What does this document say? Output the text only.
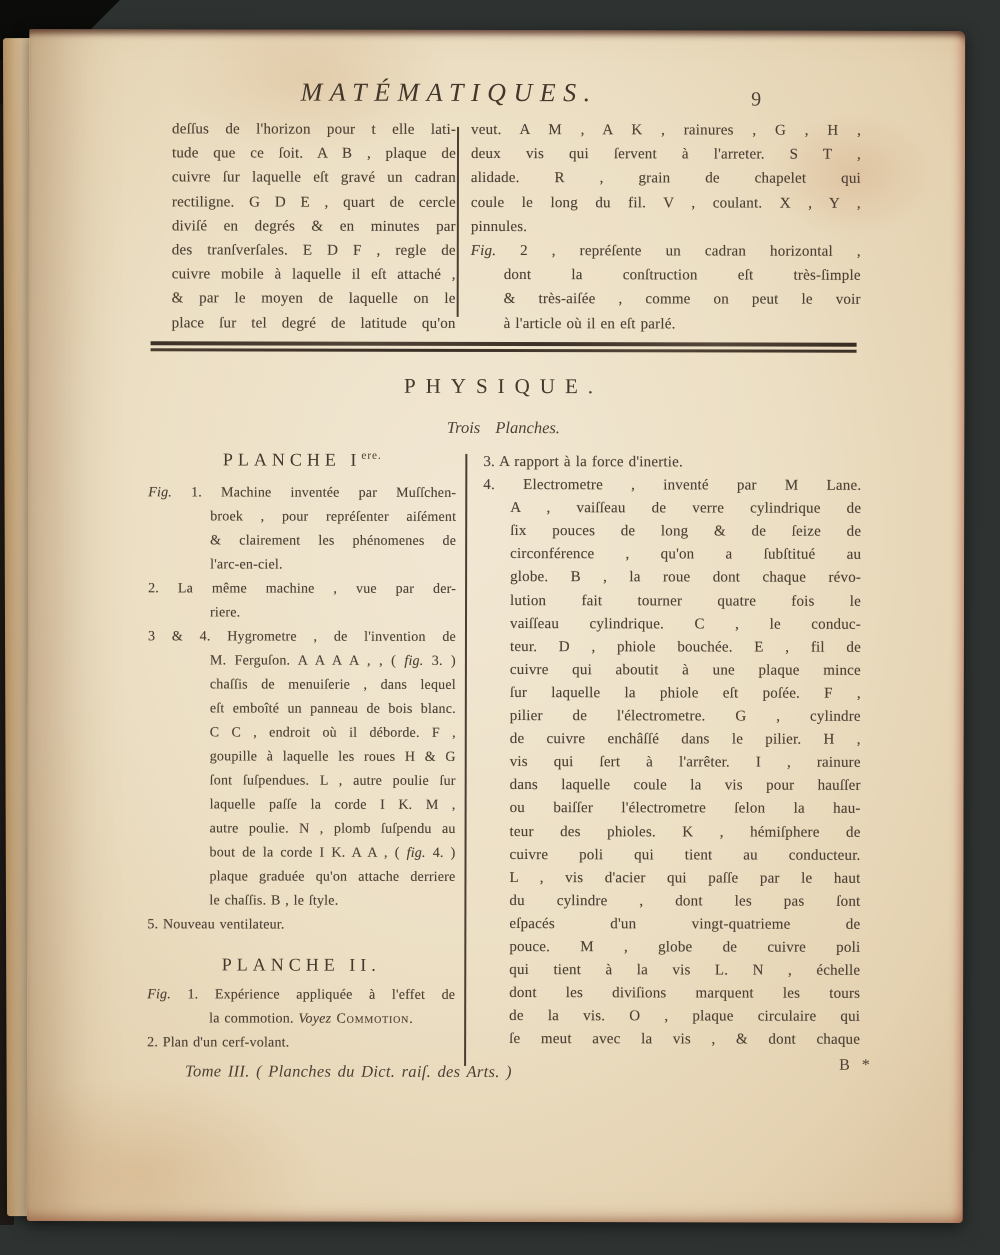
MATÉMATIQUES.	9
deſſus de l'horizon pour t elle lati-
tude que ce ſoit. A B , plaque de
cuivre ſur laquelle eſt gravé un cadran
rectiligne. G D E , quart de cercle
diviſé en degrés & en minutes par
des tranſverſales. E D F , regle de
cuivre mobile à laquelle il eſt attaché ,
& par le moyen de laquelle on le
place ſur tel degré de latitude qu'on
veut. A M , A K , rainures , G , H ,
deux vis qui ſervent à l'arreter. S T ,
alidade. R , grain de chapelet qui
coule le long du fil. V , coulant. X , Y ,
pinnules.
Fig. 2 , repréſente un cadran horizontal ,
dont la conſtruction eſt très-ſimple
& très-aiſée , comme on peut le voir
à l'article où il en eſt parlé.
PHYSIQUE.
Trois Planches.
PLANCHE $I^{ere.}$
Fig. 1. Machine inventée par Muſſchen-
broek , pour repréſenter aiſément
& clairement les phénomenes de
l'arc-en-ciel.
2. La même machine , vue par der-
riere.
3 & 4. Hygrometre , de l'invention de
M. Ferguſon. A A A A , , ( fig. 3. )
chaſſis de menuiſerie , dans lequel
eſt emboîté un panneau de bois blanc.
C C , endroit où il déborde. F ,
goupille à laquelle les roues H & G
ſont ſuſpendues. L , autre poulie ſur
laquelle paſſe la corde I K. M ,
autre poulie. N , plomb ſuſpendu au
bout de la corde I K. A A , ( fig. 4. )
plaque graduée qu'on attache derriere
le chaſſis. B , le ſtyle.
5. Nouveau ventilateur.
PLANCHE II.
Fig. 1. Expérience appliquée à l'effet de
la commotion. Voyez Commotion.
2. Plan d'un cerf-volant.
3. A rapport à la force d'inertie.
4. Electrometre , inventé par M Lane.
A , vaiſſeau de verre cylindrique de
ſix pouces de long & de ſeize de
circonférence , qu'on a ſubſtitué au
globe. B , la roue dont chaque révo-
lution fait tourner quatre fois le
vaiſſeau cylindrique. C , le conduc-
teur. D , phiole bouchée. E , fil de
cuivre qui aboutit à une plaque mince
ſur laquelle la phiole eſt poſée. F ,
pilier de l'électrometre. G , cylindre
de cuivre enchâſſé dans le pilier. H ,
vis qui ſert à l'arrêter. I , rainure
dans laquelle coule la vis pour hauſſer
ou baiſſer l'électrometre ſelon la hau-
teur des phioles. K , hémiſphere de
cuivre poli qui tient au conducteur.
L , vis d'acier qui paſſe par le haut
du cylindre , dont les pas ſont
eſpacés d'un vingt-quatrieme de
pouce. M , globe de cuivre poli
qui tient à la vis L. N , échelle
dont les diviſions marquent les tours
de la vis. O , plaque circulaire qui
ſe meut avec la vis , & dont chaque
Tome III. ( Planches du Dict. raiſ. des Arts. )	B *
